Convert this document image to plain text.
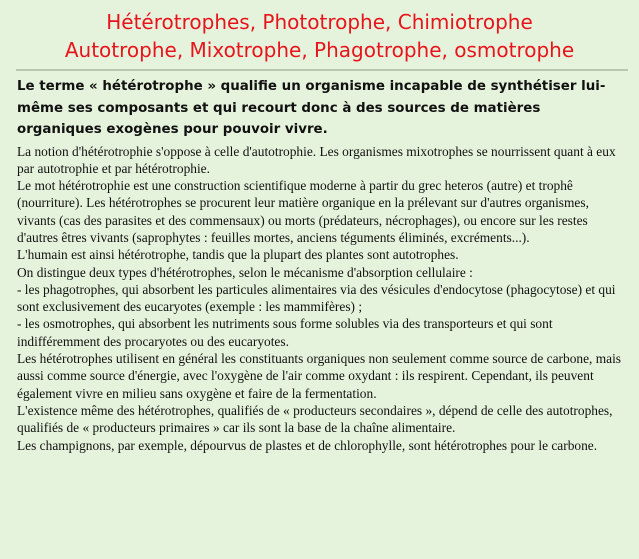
Hétérotrophes, Phototrophe, Chimiotrophe
Autotrophe, Mixotrophe, Phagotrophe, osmotrophe

Le terme « hétérotrophe » qualifie un organisme incapable de synthétiser lui-même ses composants et qui recourt donc à des sources de matières organiques exogènes pour pouvoir vivre.

La notion d'hétérotrophie s'oppose à celle d'autotrophie. Les organismes mixotrophes se nourrissent quant à eux par autotrophie et par hétérotrophie.

Le mot hétérotrophie est une construction scientifique moderne à partir du grec heteros (autre) et trophê (nourriture). Les hétérotrophes se procurent leur matière organique en la prélevant sur d'autres organismes, vivants (cas des parasites et des commensaux) ou morts (prédateurs, nécrophages), ou encore sur les restes d'autres êtres vivants (saprophytes : feuilles mortes, anciens téguments éliminés, excréments...).

L'humain est ainsi hétérotrophe, tandis que la plupart des plantes sont autotrophes.

On distingue deux types d'hétérotrophes, selon le mécanisme d'absorption cellulaire :

- les phagotrophes, qui absorbent les particules alimentaires via des vésicules d'endocytose (phagocytose) et qui sont exclusivement des eucaryotes (exemple : les mammifères) ;

- les osmotrophes, qui absorbent les nutriments sous forme solubles via des transporteurs et qui sont indifféremment des procaryotes ou des eucaryotes.

Les hétérotrophes utilisent en général les constituants organiques non seulement comme source de carbone, mais aussi comme source d'énergie, avec l'oxygène de l'air comme oxydant : ils respirent. Cependant, ils peuvent également vivre en milieu sans oxygène et faire de la fermentation.

L'existence même des hétérotrophes, qualifiés de « producteurs secondaires », dépend de celle des autotrophes, qualifiés de « producteurs primaires » car ils sont la base de la chaîne alimentaire.

Les champignons, par exemple, dépourvus de plastes et de chlorophylle, sont hétérotrophes pour le carbone.
